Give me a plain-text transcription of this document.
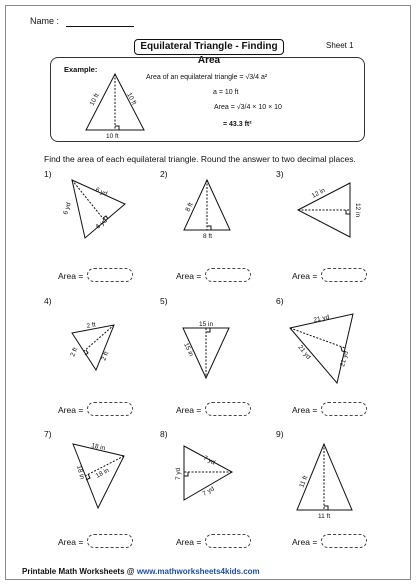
Name :
Equilateral Triangle - Finding Area
Sheet 1
Example:
Area of an equilateral triangle = √3/4 a²
a = 10 ft
Area = √3/4 × 10 × 10
= 43.3 ft²
Find the area of each equilateral triangle. Round the answer to two decimal places.
1)	2)	3)
4)	5)	6)
7)	8)	9)
Area =	Area =	Area =
Area =	Area =	Area =
Area =	Area =	Area =
10 ft	10 ft
10 ft
6 yd
6 yd
6 yd
8 ft
8 ft
12 in
12 in
2 ft
2 ft	2 ft
15 in
15 in
21 yd
21 yd	21 yd
18 in
18 in 18 in
7 yd
7 yd
7 yd
11 ft
11 ft
Printable Math Worksheets @ www.mathworksheets4kids.com
